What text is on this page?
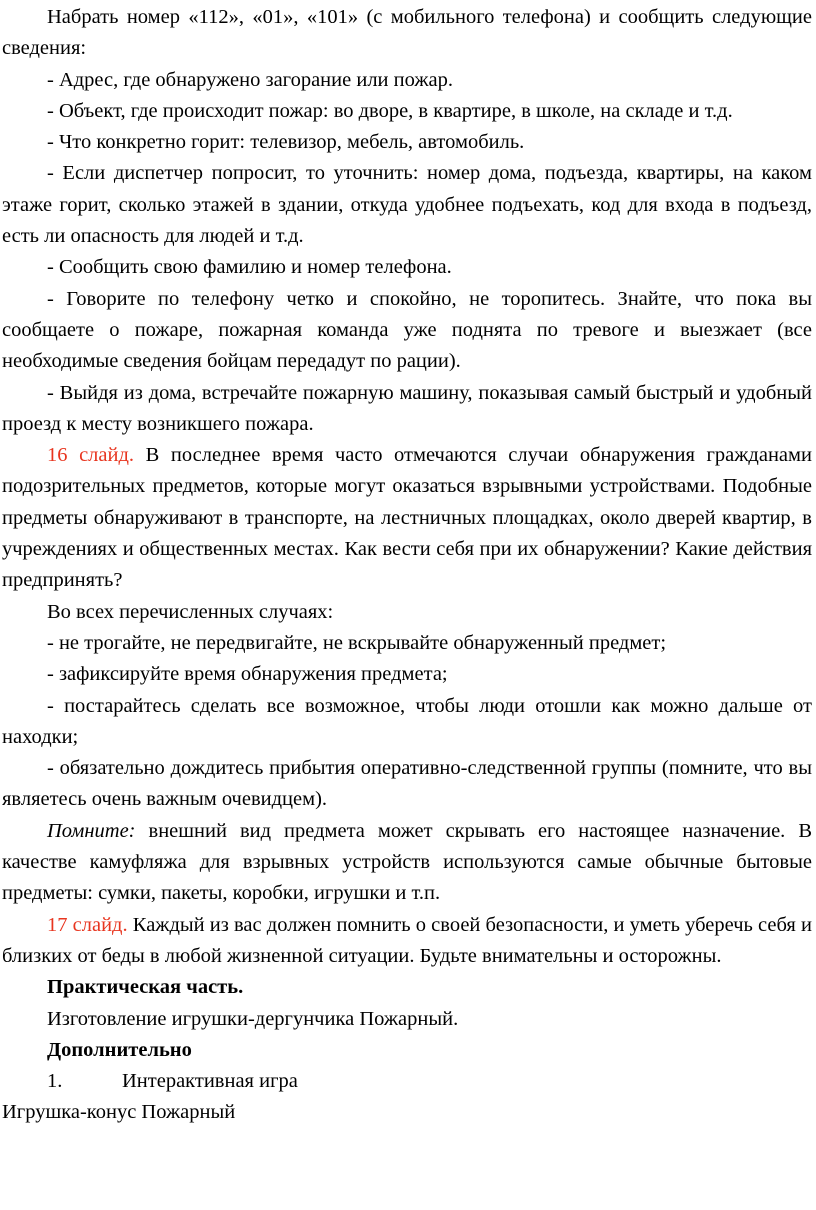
Набрать номер «112», «01», «101» (с мобильного телефона) и сообщить следующие сведения:

- Адрес, где обнаружено загорание или пожар.

- Объект, где происходит пожар: во дворе, в квартире, в школе, на складе и т.д.

- Что конкретно горит: телевизор, мебель, автомобиль.

- Если диспетчер попросит, то уточнить: номер дома, подъезда, квартиры, на каком этаже горит, сколько этажей в здании, откуда удобнее подъехать, код для входа в подъезд, есть ли опасность для людей и т.д.

- Сообщить свою фамилию и номер телефона.

- Говорите по телефону четко и спокойно, не торопитесь. Знайте, что пока вы сообщаете о пожаре, пожарная команда уже поднята по тревоге и выезжает (все необходимые сведения бойцам передадут по рации).

- Выйдя из дома, встречайте пожарную машину, показывая самый быстрый и удобный проезд к месту возникшего пожара.

16 слайд. В последнее время часто отмечаются случаи обнаружения гражданами подозрительных предметов, которые могут оказаться взрывными устройствами. Подобные предметы обнаруживают в транспорте, на лестничных площадках, около дверей квартир, в учреждениях и общественных местах. Как вести себя при их обнаружении? Какие действия предпринять?

Во всех перечисленных случаях:

- не трогайте, не передвигайте, не вскрывайте обнаруженный предмет;

- зафиксируйте время обнаружения предмета;

- постарайтесь сделать все возможное, чтобы люди отошли как можно дальше от находки;

- обязательно дождитесь прибытия оперативно-следственной группы (помните, что вы являетесь очень важным очевидцем).

Помните: внешний вид предмета может скрывать его настоящее назначение. В качестве камуфляжа для взрывных устройств используются самые обычные бытовые предметы: сумки, пакеты, коробки, игрушки и т.п.

17 слайд. Каждый из вас должен помнить о своей безопасности, и уметь уберечь себя и близких от беды в любой жизненной ситуации. Будьте внимательны и осторожны.

Практическая часть.

Изготовление игрушки-дергунчика Пожарный.

Дополнительно

1.	Интерактивная игра

Игрушка-конус Пожарный
